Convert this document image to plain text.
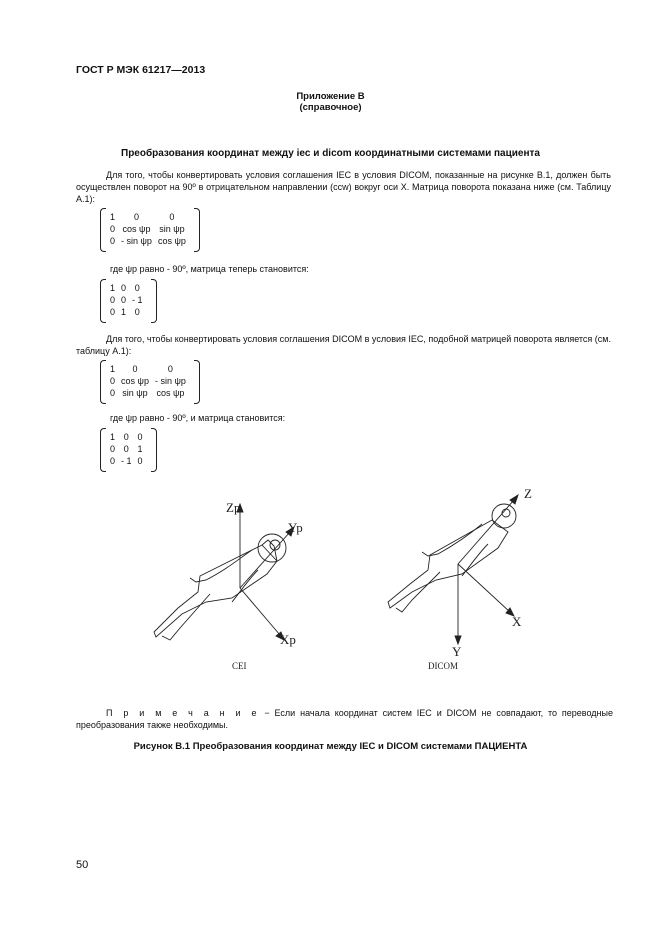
ГОСТ Р МЭК 61217—2013
Приложение В
(справочное)
Преобразования координат между iec и dicom координатными системами пациента
Для того, чтобы конвертировать условия соглашения IEC в условия DICOM, показанные на рисунке В.1, должен быть осуществлен поворот на 90º в отрицательном направлении (ccw) вокруг оси X. Матрица поворота показана ниже (см. Таблицу А.1):
1	0	0
0	cos ψp	sin ψp
0	- sin ψp	cos ψp
где ψp равно - 90º, матрица теперь становится:
1	0	0
0	0	- 1
0	1	0
Для того, чтобы конвертировать условия соглашения DICOM в условия IEC, подобной матрицей поворота является (см. таблицу А.1):
1	0	0
0	cos ψp	- sin ψp
0	sin ψp	cos ψp
где ψp равно - 90º, и матрица становится:
1	0	0
0	0	1
0	- 1	0
Zp
Yp
Xp
Z
Y
X
CEI	DICOM
П р и м е ч а н и е − Если начала координат систем IEC и DICOM не совпадают, то переводные преобразования также необходимы.
Рисунок В.1 Преобразования координат между IEC и DICOM системами ПАЦИЕНТА
50
